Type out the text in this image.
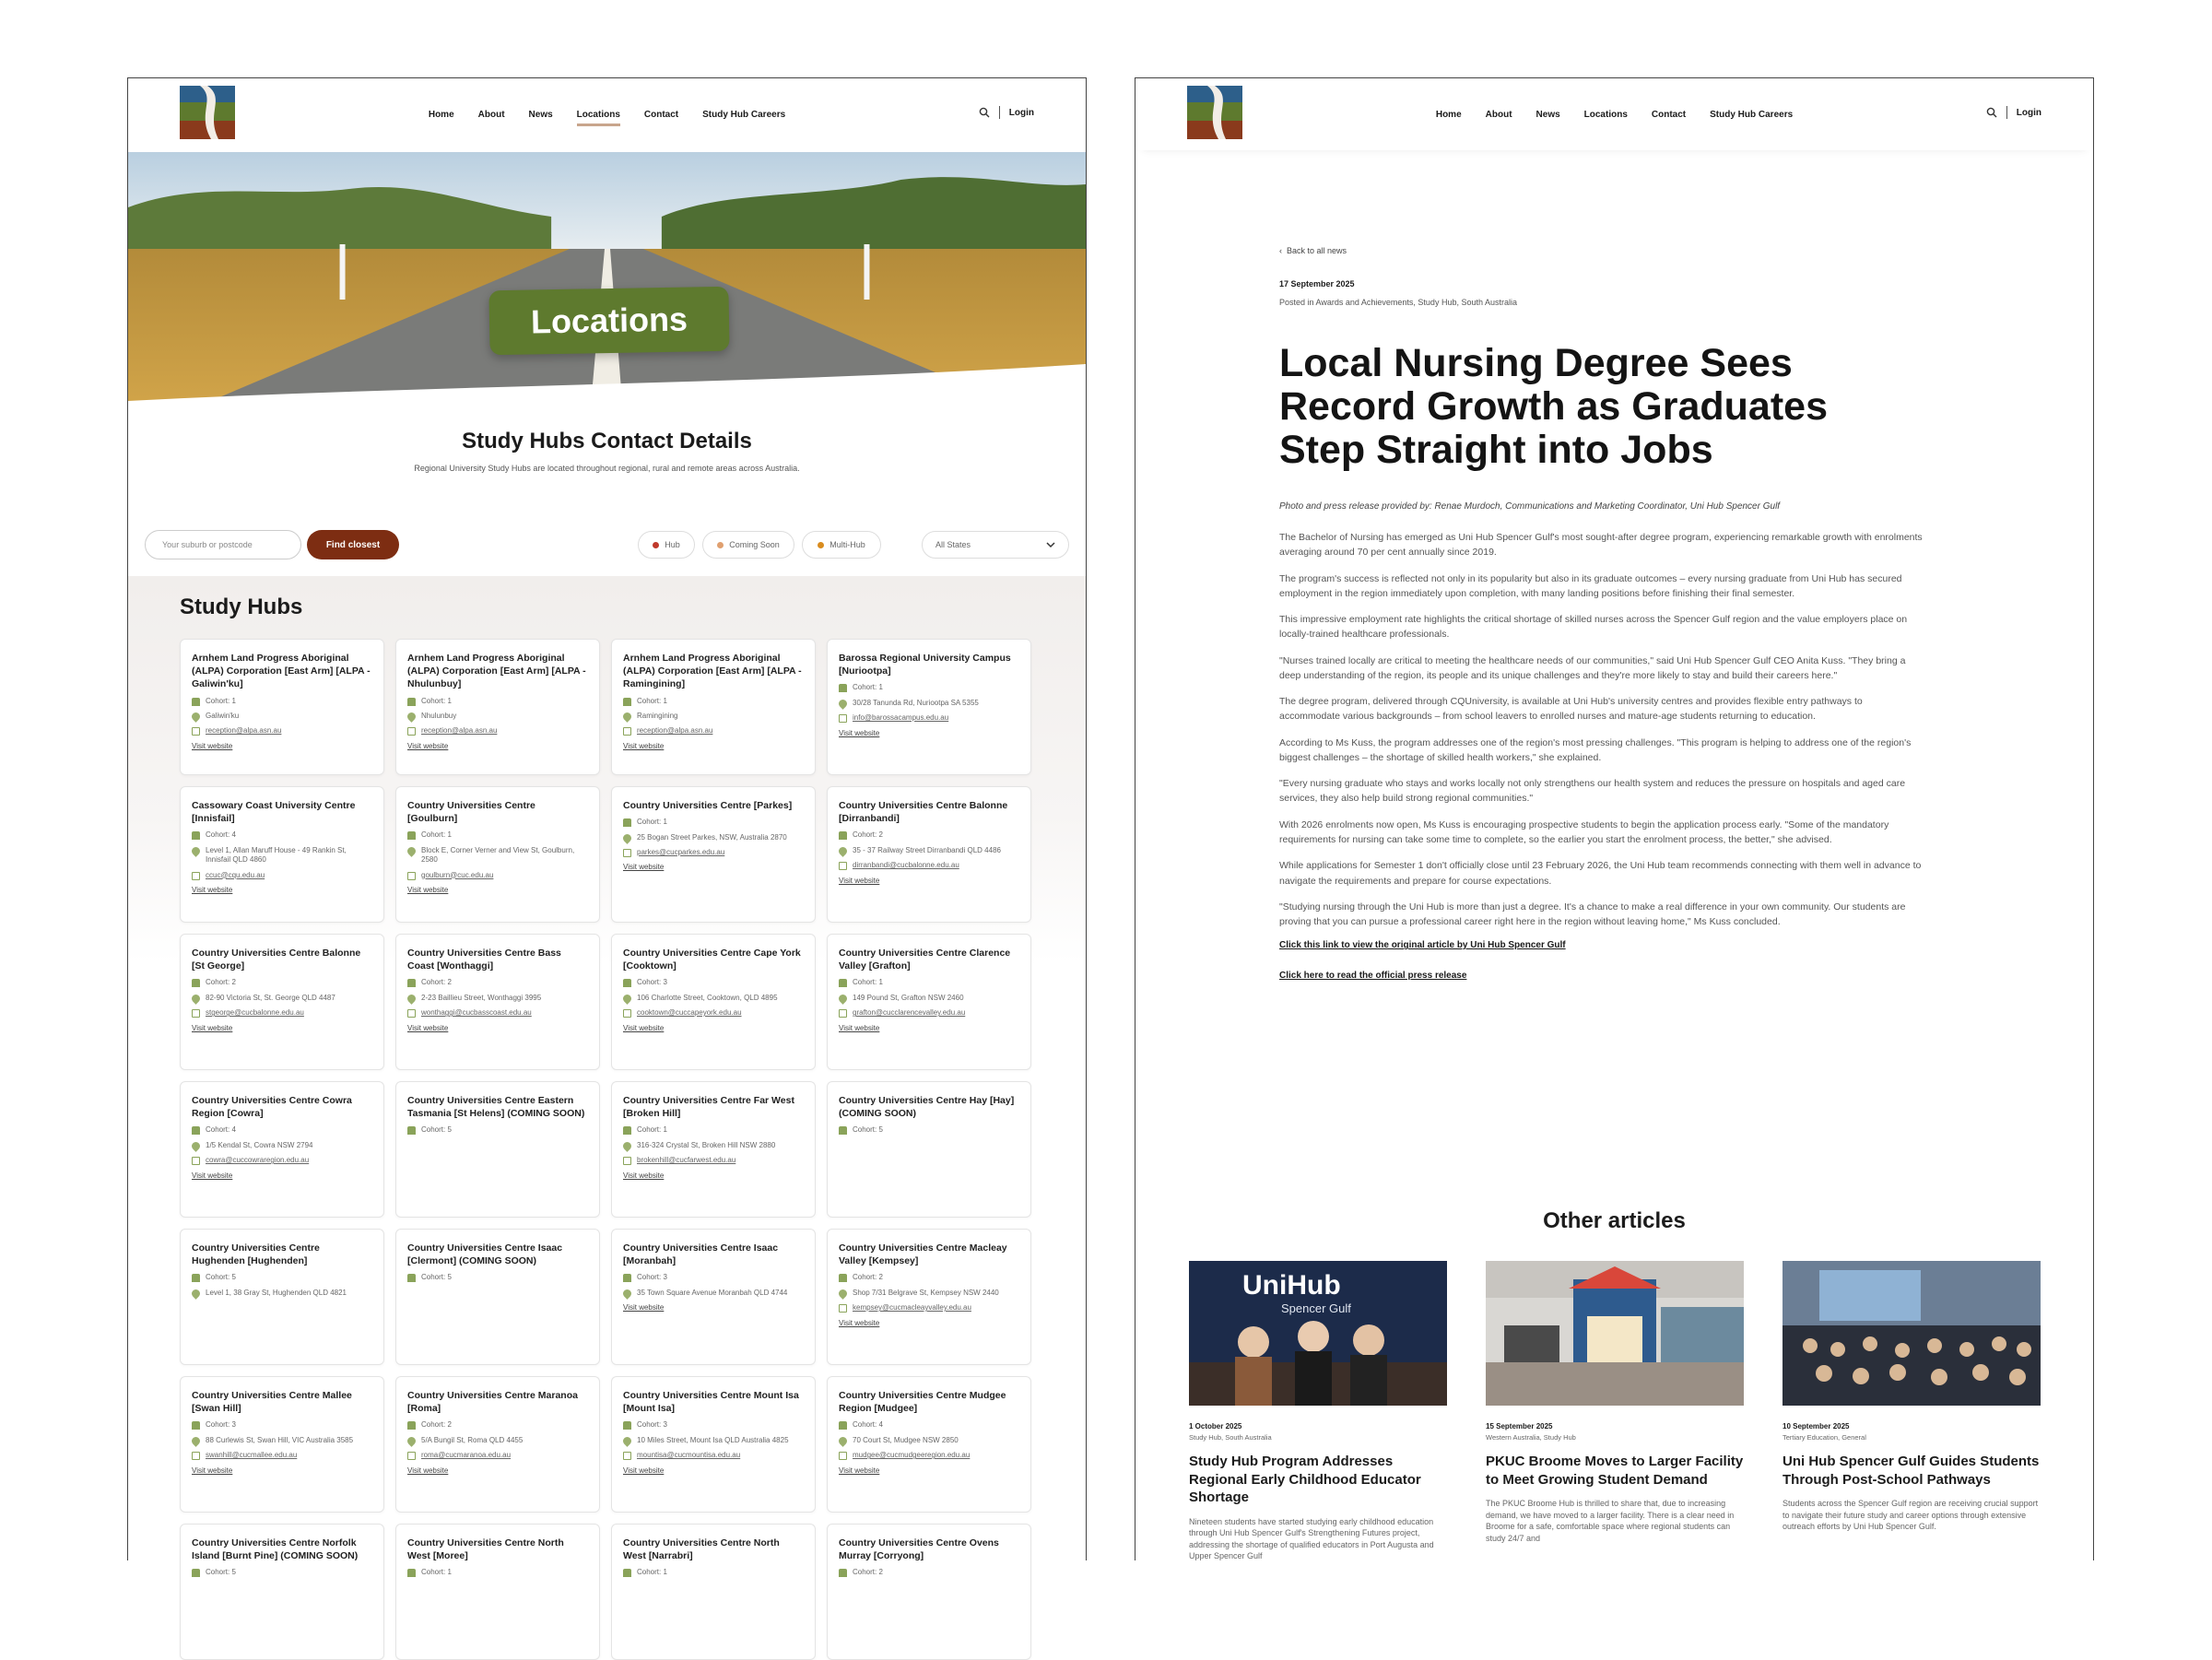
Home	About	News	Locations	Contact	Study Hub Careers	Login
Locations
Study Hubs Contact Details
Regional University Study Hubs are located throughout regional, rural and remote areas across Australia.
Your suburb or postcode	Find closest	Hub	Coming Soon	Multi-Hub	All States
Study Hubs
Arnhem Land Progress Aboriginal (ALPA) Corporation [East Arm] [ALPA - Galiwin'ku]
Cohort: 1
Galiwin'ku
reception@alpa.asn.au
Visit website
Arnhem Land Progress Aboriginal (ALPA) Corporation [East Arm] [ALPA - Nhulunbuy]
Cohort: 1
Nhulunbuy
reception@alpa.asn.au
Visit website
Arnhem Land Progress Aboriginal (ALPA) Corporation [East Arm] [ALPA - Ramingining]
Cohort: 1
Ramingining
reception@alpa.asn.au
Visit website
Barossa Regional University Campus [Nuriootpa]
Cohort: 1
30/28 Tanunda Rd, Nuriootpa SA 5355
info@barossacampus.edu.au
Visit website
Cassowary Coast University Centre [Innisfail]
Cohort: 4
Level 1, Allan Maruff House - 49 Rankin St, Innisfail QLD 4860
ccuc@cqu.edu.au
Visit website
Country Universities Centre [Goulburn]
Cohort: 1
Block E, Corner Verner and View St, Goulburn, 2580
goulburn@cuc.edu.au
Visit website
Country Universities Centre [Parkes]
Cohort: 1
25 Bogan Street Parkes, NSW, Australia 2870
parkes@cucparkes.edu.au
Visit website
Country Universities Centre Balonne [Dirranbandi]
Cohort: 2
35 - 37 Railway Street Dirranbandi QLD 4486
dirranbandi@cucbalonne.edu.au
Visit website
Country Universities Centre Balonne [St George]
Cohort: 2
82-90 Victoria St, St. George QLD 4487
stgeorge@cucbalonne.edu.au
Visit website
Country Universities Centre Bass Coast [Wonthaggi]
Cohort: 2
2-23 Baillieu Street, Wonthaggi 3995
wonthaggi@cucbasscoast.edu.au
Visit website
Country Universities Centre Cape York [Cooktown]
Cohort: 3
106 Charlotte Street, Cooktown, QLD 4895
cooktown@cuccapeyork.edu.au
Visit website
Country Universities Centre Clarence Valley [Grafton]
Cohort: 1
149 Pound St, Grafton NSW 2460
grafton@cucclarencevalley.edu.au
Visit website
Country Universities Centre Cowra Region [Cowra]
Cohort: 4
1/5 Kendal St, Cowra NSW 2794
cowra@cuccowraregion.edu.au
Visit website
Country Universities Centre Eastern Tasmania [St Helens] (COMING SOON)
Cohort: 5
Country Universities Centre Far West [Broken Hill]
Cohort: 1
316-324 Crystal St, Broken Hill NSW 2880
brokenhill@cucfarwest.edu.au
Visit website
Country Universities Centre Hay [Hay] (COMING SOON)
Cohort: 5
Country Universities Centre Hughenden [Hughenden]
Cohort: 5
Level 1, 38 Gray St, Hughenden QLD 4821
Country Universities Centre Isaac [Clermont] (COMING SOON)
Cohort: 5
Country Universities Centre Isaac [Moranbah]
Cohort: 3
35 Town Square Avenue Moranbah QLD 4744
Visit website
Country Universities Centre Macleay Valley [Kempsey]
Cohort: 2
Shop 7/31 Belgrave St, Kempsey NSW 2440
kempsey@cucmacleayvalley.edu.au
Visit website
Country Universities Centre Mallee [Swan Hill]
Cohort: 3
88 Curlewis St, Swan Hill, VIC Australia 3585
swanhill@cucmallee.edu.au
Visit website
Country Universities Centre Maranoa [Roma]
Cohort: 2
5/A Bungil St, Roma QLD 4455
roma@cucmaranoa.edu.au
Visit website
Country Universities Centre Mount Isa [Mount Isa]
Cohort: 3
10 Miles Street, Mount Isa QLD Australia 4825
mountisa@cucmountisa.edu.au
Visit website
Country Universities Centre Mudgee Region [Mudgee]
Cohort: 4
70 Court St, Mudgee NSW 2850
mudgee@cucmudgeeregion.edu.au
Visit website
Country Universities Centre Norfolk Island [Burnt Pine] (COMING SOON)
Cohort: 5
Country Universities Centre North West [Moree]
Cohort: 1
Country Universities Centre North West [Narrabri]
Cohort: 1
Country Universities Centre Ovens Murray [Corryong]
Cohort: 2
Home	About	News	Locations	Contact	Study Hub Careers	Login
‹  Back to all news
17 September 2025
Posted in Awards and Achievements, Study Hub, South Australia
Local Nursing Degree Sees Record Growth as Graduates Step Straight into Jobs
Photo and press release provided by: Renae Murdoch, Communications and Marketing Coordinator, Uni Hub Spencer Gulf

The Bachelor of Nursing has emerged as Uni Hub Spencer Gulf's most sought-after degree program, experiencing remarkable growth with enrolments averaging around 70 per cent annually since 2019.

The program's success is reflected not only in its popularity but also in its graduate outcomes – every nursing graduate from Uni Hub has secured employment in the region immediately upon completion, with many landing positions before finishing their final semester.

This impressive employment rate highlights the critical shortage of skilled nurses across the Spencer Gulf region and the value employers place on locally-trained healthcare professionals.

"Nurses trained locally are critical to meeting the healthcare needs of our communities," said Uni Hub Spencer Gulf CEO Anita Kuss. "They bring a deep understanding of the region, its people and its unique challenges and they're more likely to stay and build their careers here."

The degree program, delivered through CQUniversity, is available at Uni Hub's university centres and provides flexible entry pathways to accommodate various backgrounds – from school leavers to enrolled nurses and mature-age students returning to education.

According to Ms Kuss, the program addresses one of the region's most pressing challenges. "This program is helping to address one of the region's biggest challenges – the shortage of skilled health workers," she explained.

"Every nursing graduate who stays and works locally not only strengthens our health system and reduces the pressure on hospitals and aged care services, they also help build strong regional communities."

With 2026 enrolments now open, Ms Kuss is encouraging prospective students to begin the application process early. "Some of the mandatory requirements for nursing can take some time to complete, so the earlier you start the enrolment process, the better," she advised.

While applications for Semester 1 don't officially close until 23 February 2026, the Uni Hub team recommends connecting with them well in advance to navigate the requirements and prepare for course expectations.

"Studying nursing through the Uni Hub is more than just a degree. It's a chance to make a real difference in your own community. Our students are proving that you can pursue a professional career right here in the region without leaving home," Ms Kuss concluded.

Click this link to view the original article by Uni Hub Spencer Gulf
Click here to read the official press release
Other articles
UniHub
Spencer Gulf
1 October 2025
Study Hub, South Australia
Study Hub Program Addresses Regional Early Childhood Educator Shortage
Nineteen students have started studying early childhood education through Uni Hub Spencer Gulf's Strengthening Futures project, addressing the shortage of qualified educators in Port Augusta and Upper Spencer Gulf
15 September 2025
Western Australia, Study Hub
PKUC Broome Moves to Larger Facility to Meet Growing Student Demand
The PKUC Broome Hub is thrilled to share that, due to increasing demand, we have moved to a larger facility. There is a clear need in Broome for a safe, comfortable space where regional students can study 24/7 and
10 September 2025
Tertiary Education, General
Uni Hub Spencer Gulf Guides Students Through Post-School Pathways
Students across the Spencer Gulf region are receiving crucial support to navigate their future study and career options through extensive outreach efforts by Uni Hub Spencer Gulf.
